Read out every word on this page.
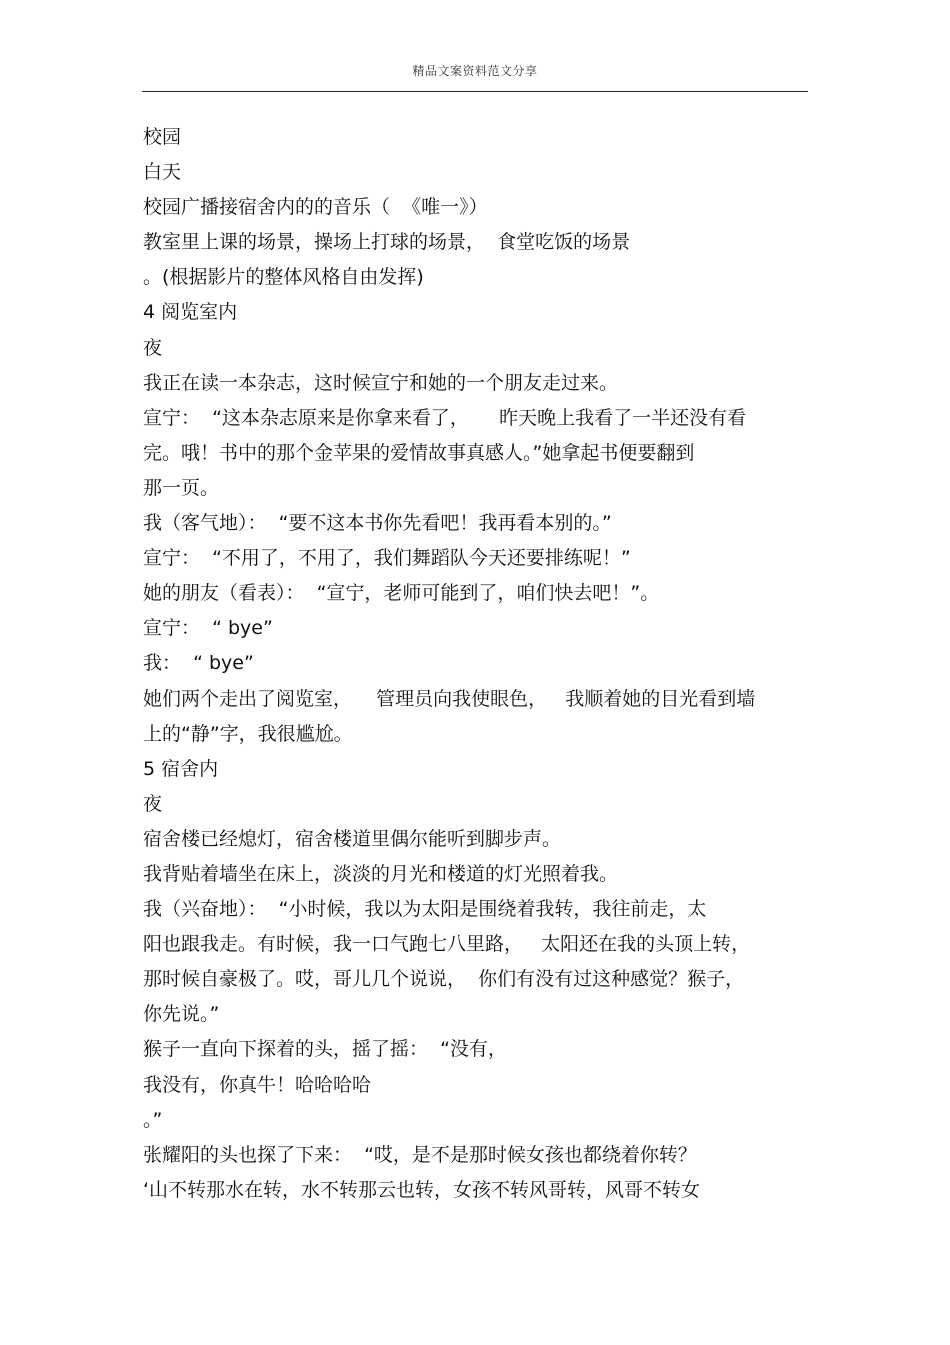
精品文案资料范文分享
校园
白天
校园广播接宿舍内的的音乐（  《唯一》）
教室里上课的场景，操场上打球的场景，  食堂吃饭的场景
。(根据影片的整体风格自由发挥)
4 阅览室内
夜
我正在读一本杂志，这时候宣宁和她的一个朋友走过来。
宣宁：  “这本杂志原来是你拿来看了，     昨天晚上我看了一半还没有看
完。哦！书中的那个金苹果的爱情故事真感人。”她拿起书便要翻到
那一页。
我（客气地）：  “要不这本书你先看吧！我再看本别的。”
宣宁：  “不用了，不用了，我们舞蹈队今天还要排练呢！”
她的朋友（看表）：  “宣宁，老师可能到了，咱们快去吧！”。
宣宁：  “ bye”
我：  “ bye”
她们两个走出了阅览室，    管理员向我使眼色，   我顺着她的目光看到墙
上的“静”字，我很尴尬。
5 宿舍内
夜
宿舍楼已经熄灯，宿舍楼道里偶尔能听到脚步声。
我背贴着墙坐在床上，淡淡的月光和楼道的灯光照着我。
我（兴奋地）：  “小时候，我以为太阳是围绕着我转，我往前走，太
阳也跟我走。有时候，我一口气跑七八里路，   太阳还在我的头顶上转，
那时候自豪极了。哎，哥儿几个说说，  你们有没有过这种感觉？猴子，
你先说。”
猴子一直向下探着的头，摇了摇：  “没有，
我没有，你真牛！哈哈哈哈
。”
张耀阳的头也探了下来：  “哎，是不是那时候女孩也都绕着你转？
‘山不转那水在转，水不转那云也转，女孩不转风哥转，风哥不转女
